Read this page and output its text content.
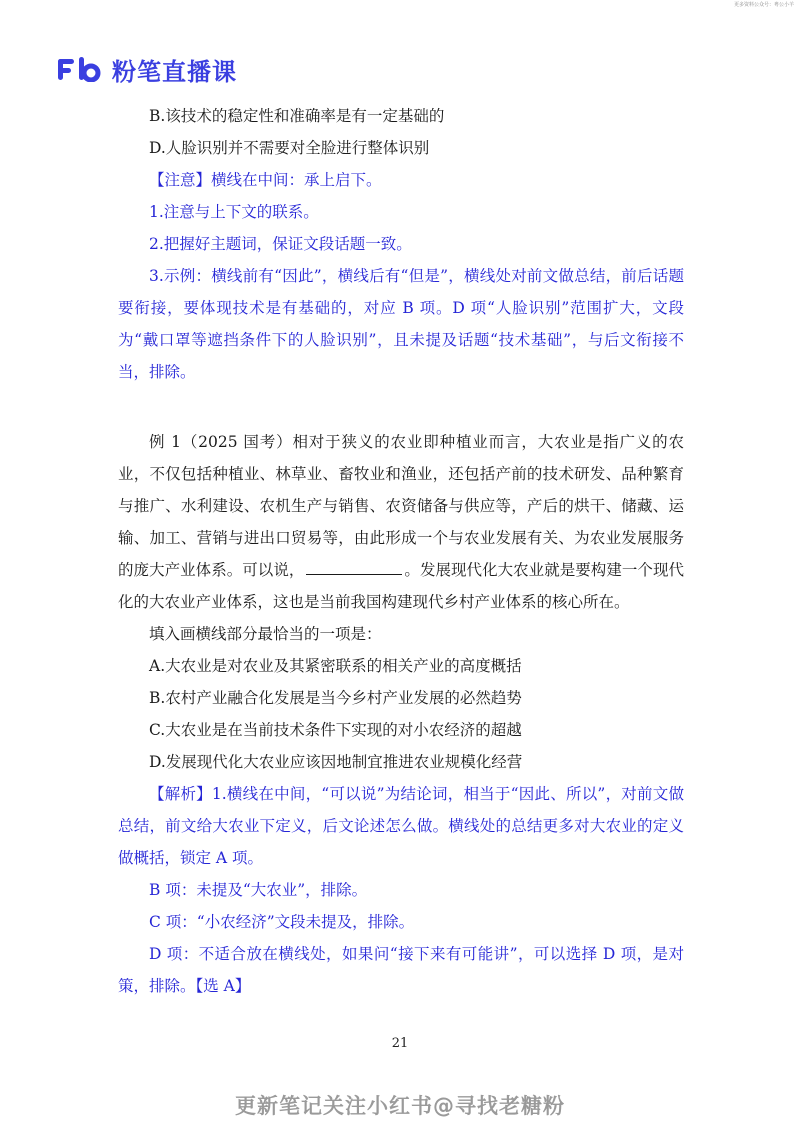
更多资料公众号：粤公小羊
粉笔直播课

B.该技术的稳定性和准确率是有一定基础的

D.人脸识别并不需要对全脸进行整体识别

【注意】横线在中间：承上启下。

1.注意与上下文的联系。

2.把握好主题词，保证文段话题一致。

3.示例：横线前有“因此”，横线后有“但是”，横线处对前文做总结，前后话题要衔接，要体现技术是有基础的，对应 B 项。D 项“人脸识别”范围扩大，文段为“戴口罩等遮挡条件下的人脸识别”，且未提及话题“技术基础”，与后文衔接不当，排除。

例 1（2025 国考）相对于狭义的农业即种植业而言，大农业是指广义的农业，不仅包括种植业、林草业、畜牧业和渔业，还包括产前的技术研发、品种繁育与推广、水利建设、农机生产与销售、农资储备与供应等，产后的烘干、储藏、运输、加工、营销与进出口贸易等，由此形成一个与农业发展有关、为农业发展服务的庞大产业体系。可以说，	。发展现代化大农业就是要构建一个现代化的大农业产业体系，这也是当前我国构建现代乡村产业体系的核心所在。

填入画横线部分最恰当的一项是：

A.大农业是对农业及其紧密联系的相关产业的高度概括

B.农村产业融合化发展是当今乡村产业发展的必然趋势

C.大农业是在当前技术条件下实现的对小农经济的超越

D.发展现代化大农业应该因地制宜推进农业规模化经营

【解析】1.横线在中间，“可以说”为结论词，相当于“因此、所以”，对前文做总结，前文给大农业下定义，后文论述怎么做。横线处的总结更多对大农业的定义做概括，锁定 A 项。

B 项：未提及“大农业”，排除。

C 项：“小农经济”文段未提及，排除。

D 项：不适合放在横线处，如果问“接下来有可能讲”，可以选择 D 项，是对策，排除。【选 A】

21
更新笔记关注小红书@寻找老糖粉
